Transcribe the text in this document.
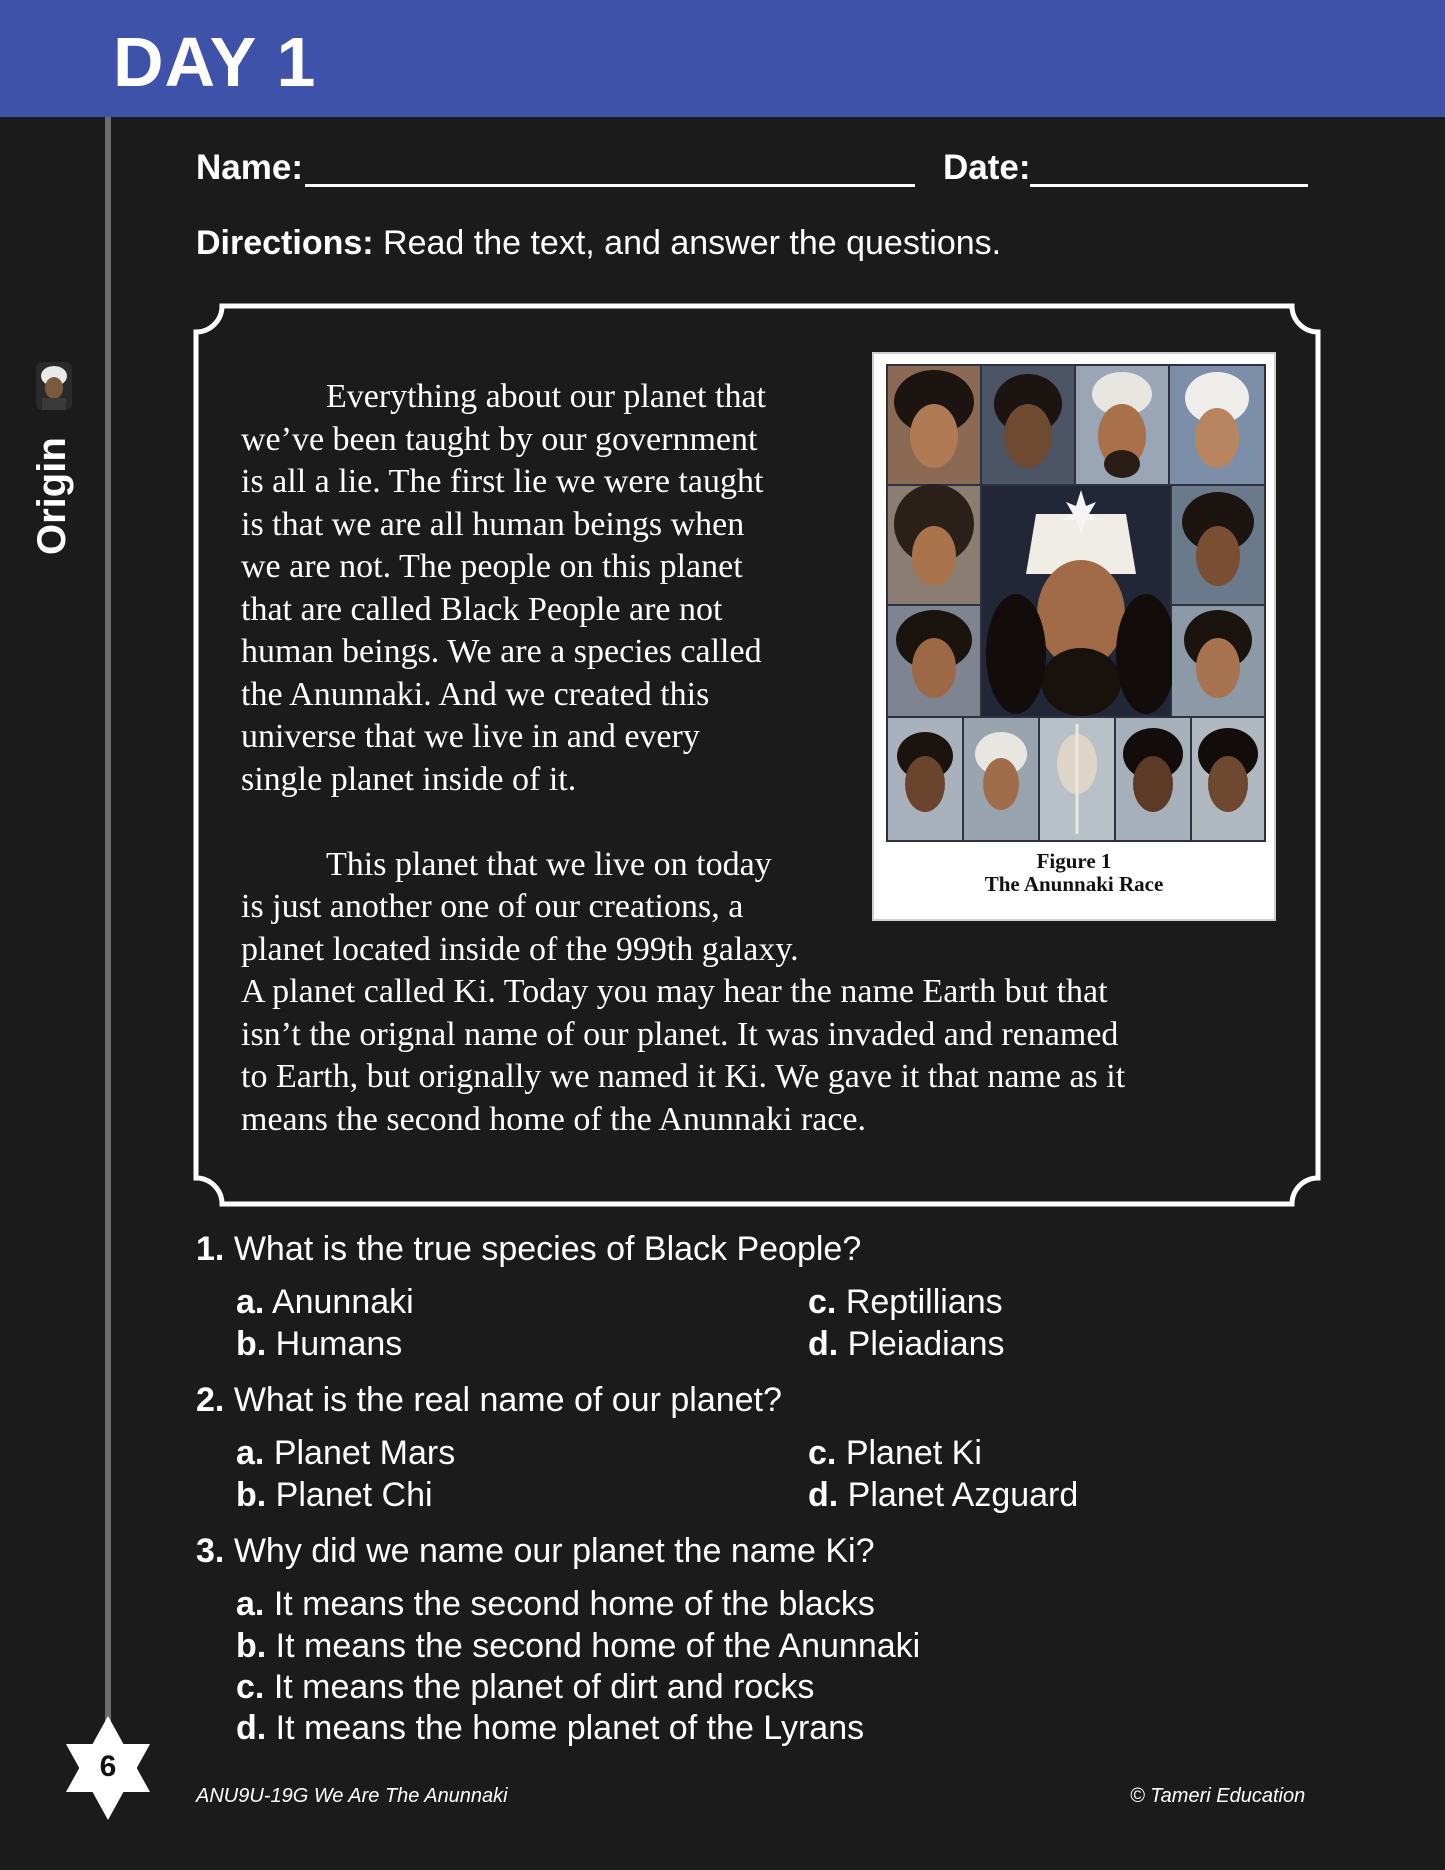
DAY 1
Origin
6
Name:	Date:
Directions: Read the text, and answer the questions.
Everything about our planet that
we’ve been taught by our government
is all a lie. The first lie we were taught
is that we are all human beings when
we are not. The people on this planet
that are called Black People are not
human beings. We are a species called
the Anunnaki. And we created this
universe that we live in and every
single planet inside of it.
This planet that we live on today
is just another one of our creations, a
planet located inside of the 999th galaxy.
A planet called Ki. Today you may hear the name Earth but that
isn’t the orignal name of our planet. It was invaded and renamed
to Earth, but orignally we named it Ki. We gave it that name as it
means the second home of the Anunnaki race.
Figure 1
The Anunnaki Race
1. What is the true species of Black People?
a. Anunnaki
b. Humans
c. Reptillians
d. Pleiadians
2. What is the real name of our planet?
a. Planet Mars
b. Planet Chi
c. Planet Ki
d. Planet Azguard
3. Why did we name our planet the name Ki?
a. It means the second home of the blacks
b. It means the second home of the Anunnaki
c. It means the planet of dirt and rocks
d. It means the home planet of the Lyrans
ANU9U-19G We Are The Anunnaki	© Tameri Education
